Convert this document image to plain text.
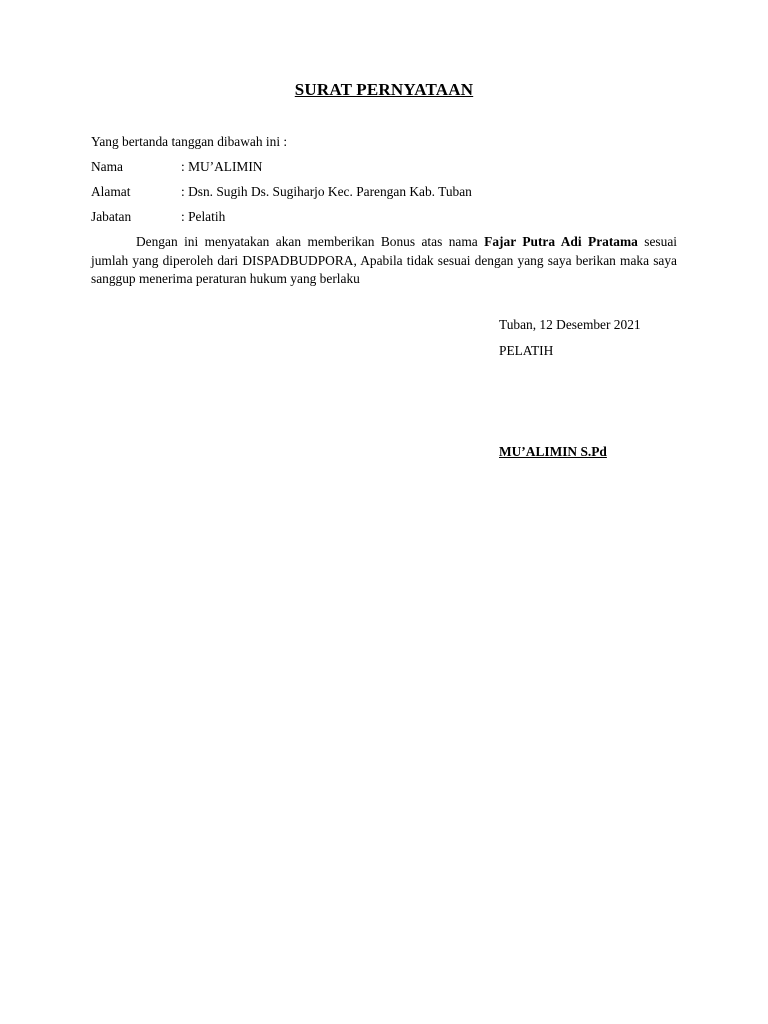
SURAT PERNYATAAN
Yang bertanda tanggan dibawah ini :
Nama	: MU’ALIMIN
Alamat	: Dsn. Sugih Ds. Sugiharjo Kec. Parengan Kab. Tuban
Jabatan	: Pelatih
Dengan ini menyatakan akan memberikan Bonus atas nama Fajar Putra Adi Pratama sesuai jumlah yang diperoleh dari DISPADBUDPORA, Apabila tidak sesuai dengan yang saya berikan maka saya sanggup menerima peraturan hukum yang berlaku
Tuban, 12 Desember 2021
PELATIH
MU’ALIMIN S.Pd
